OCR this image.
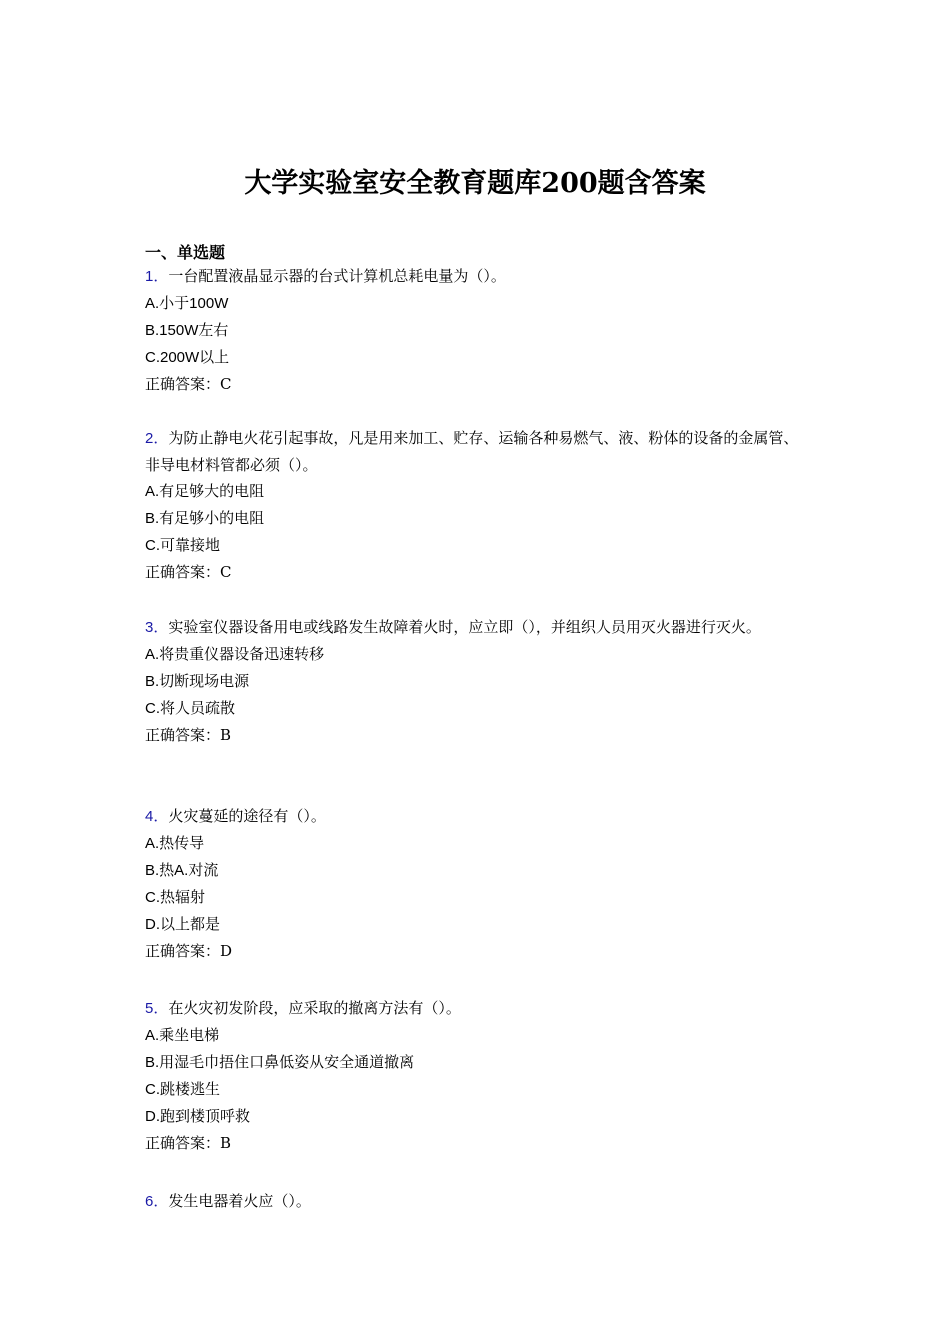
大学实验室安全教育题库200题含答案
一、单选题

1．一台配置液晶显示器的台式计算机总耗电量为（）。

A.小于100W

B.150W左右

C.200W以上

正确答案：C

2．为防止静电火花引起事故，凡是用来加工、贮存、运输各种易燃气、液、粉体的设备的金属管、非导电材料管都必须（）。

A.有足够大的电阻

B.有足够小的电阻

C.可靠接地

正确答案：C

3．实验室仪器设备用电或线路发生故障着火时，应立即（），并组织人员用灭火器进行灭火。

A.将贵重仪器设备迅速转移

B.切断现场电源

C.将人员疏散

正确答案：B

4．火灾蔓延的途径有（）。

A.热传导

B.热A.对流

C.热辐射

D.以上都是

正确答案：D

5．在火灾初发阶段，应采取的撤离方法有（）。

A.乘坐电梯

B.用湿毛巾捂住口鼻低姿从安全通道撤离

C.跳楼逃生

D.跑到楼顶呼救

正确答案：B

6．发生电器着火应（）。
